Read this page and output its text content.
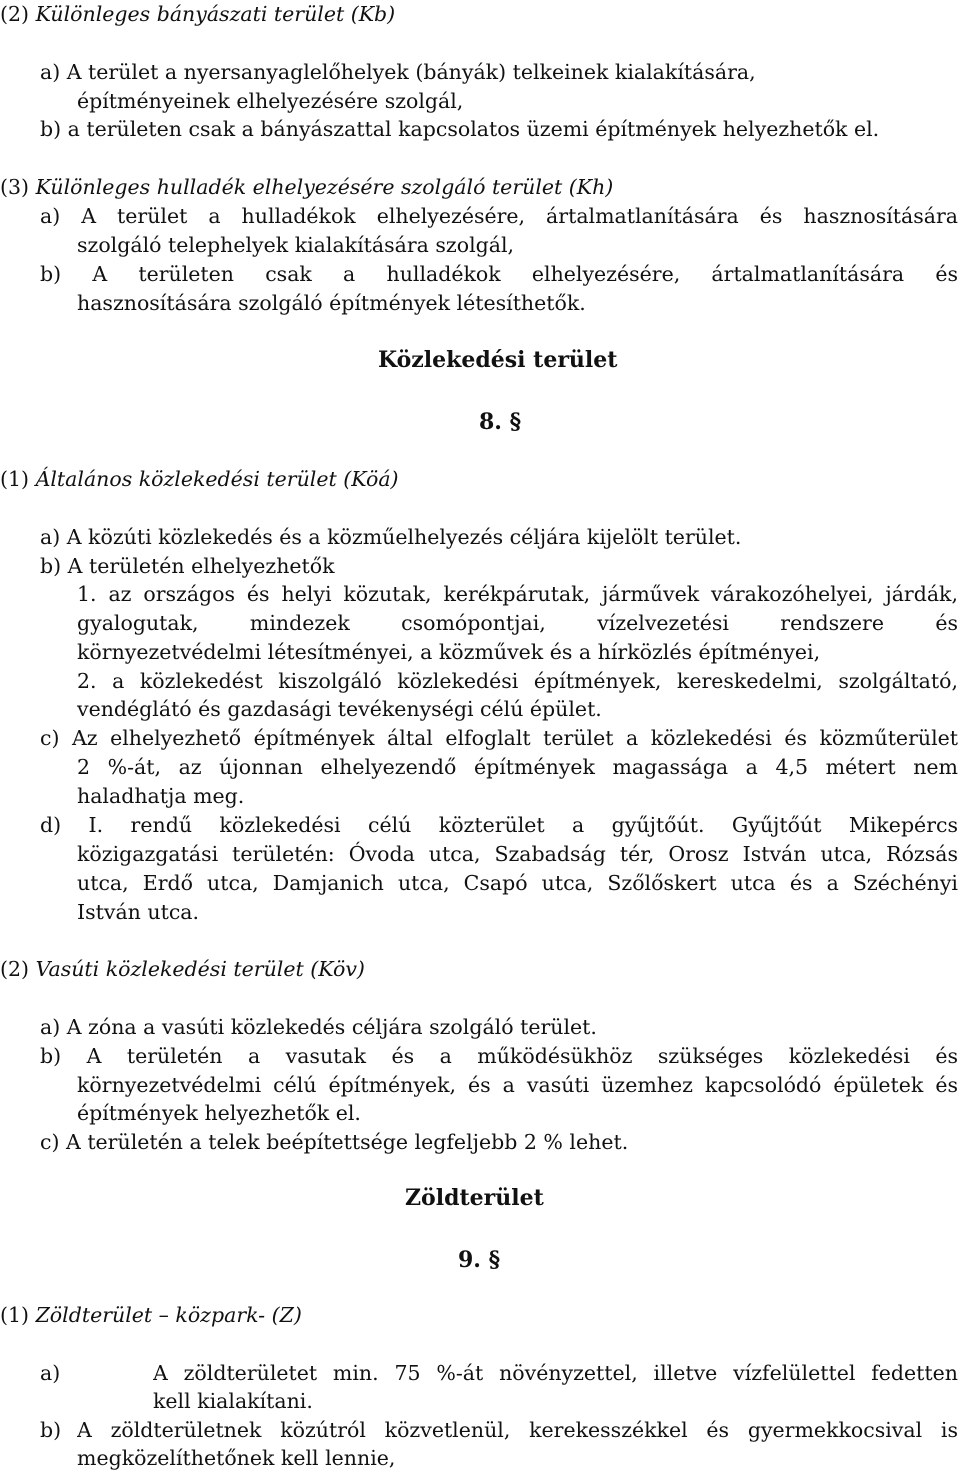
(2) Különleges bányászati terület (Kb)
a) A terület a nyersanyaglelőhelyek (bányák) telkeinek kialakítására,
építményeinek elhelyezésére szolgál,
b) a területen csak a bányászattal kapcsolatos üzemi építmények helyezhetők el.
(3) Különleges hulladék elhelyezésére szolgáló terület (Kh)
a) A terület a hulladékok elhelyezésére, ártalmatlanítására és hasznosítására
szolgáló telephelyek kialakítására szolgál,
b) A területen csak a hulladékok elhelyezésére, ártalmatlanítására és
hasznosítására szolgáló építmények létesíthetők.
Közlekedési terület
8. §
(1) Általános közlekedési terület (Köá)
a) A közúti közlekedés és a közműelhelyezés céljára kijelölt terület.
b) A területén elhelyezhetők
1. az országos és helyi közutak, kerékpárutak, járművek várakozóhelyei, járdák,
gyalogutak, mindezek csomópontjai, vízelvezetési rendszere és
környezetvédelmi létesítményei, a közművek és a hírközlés építményei,
2. a közlekedést kiszolgáló közlekedési építmények, kereskedelmi, szolgáltató,
vendéglátó és gazdasági tevékenységi célú épület.
c) Az elhelyezhető építmények által elfoglalt terület a közlekedési és közműterület
2 %-át, az újonnan elhelyezendő építmények magassága a 4,5 métert nem
haladhatja meg.
d) I. rendű közlekedési célú közterület a gyűjtőút. Gyűjtőút Mikepércs
közigazgatási területén: Óvoda utca, Szabadság tér, Orosz István utca, Rózsás
utca, Erdő utca, Damjanich utca, Csapó utca, Szőlőskert utca és a Széchényi
István utca.
(2) Vasúti közlekedési terület (Köv)
a) A zóna a vasúti közlekedés céljára szolgáló terület.
b) A területén a vasutak és a működésükhöz szükséges közlekedési és
környezetvédelmi célú építmények, és a vasúti üzemhez kapcsolódó épületek és
építmények helyezhetők el.
c) A területén a telek beépítettsége legfeljebb 2 % lehet.
Zöldterület
9. §
(1) Zöldterület – közpark- (Z)
a)	A zöldterületet min. 75 %-át növényzettel, illetve vízfelülettel fedetten
kell kialakítani.
b) A zöldterületnek közútról közvetlenül, kerekesszékkel és gyermekkocsival is
megközelíthetőnek kell lennie,
